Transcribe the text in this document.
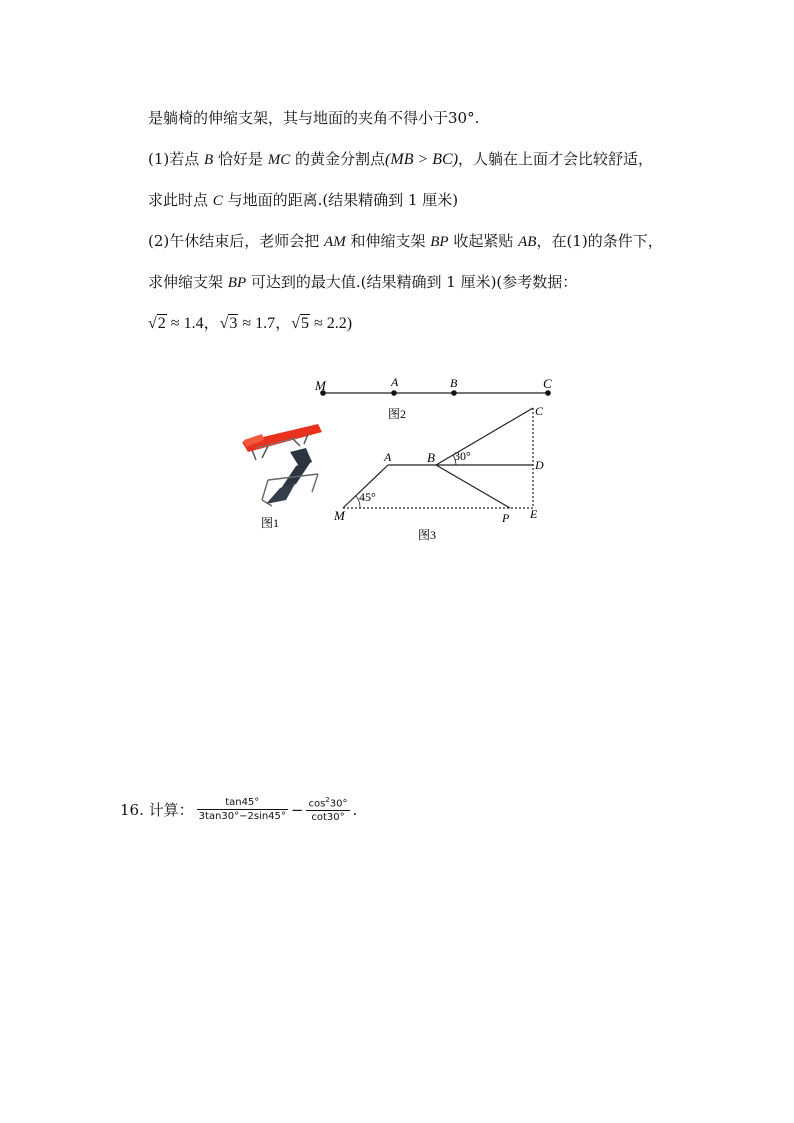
是躺椅的伸缩支架，其与地面的夹角不得小于30°.
(1)若点 B 恰好是 MC 的黄金分割点(MB > BC)，人躺在上面才会比较舒适，
求此时点 C 与地面的距离.(结果精确到 1 厘米)
(2)午休结束后，老师会把 AM 和伸缩支架 BP 收起紧贴 AB，在(1)的条件下，
求伸缩支架 BP 可达到的最大值.(结果精确到 1 厘米)(参考数据：
√2 ≈ 1.4，√3 ≈ 1.7，√5 ≈ 2.2)
M	A	B	C
图2
A	B
C
D
E
M	P
30°
45°
图3
图1
16. 计算： $\frac{\tan 45^\circ}{3\tan 30^\circ-2\sin 45^\circ} - \frac{\cos^230^\circ}{\cot 30^\circ}$ .
